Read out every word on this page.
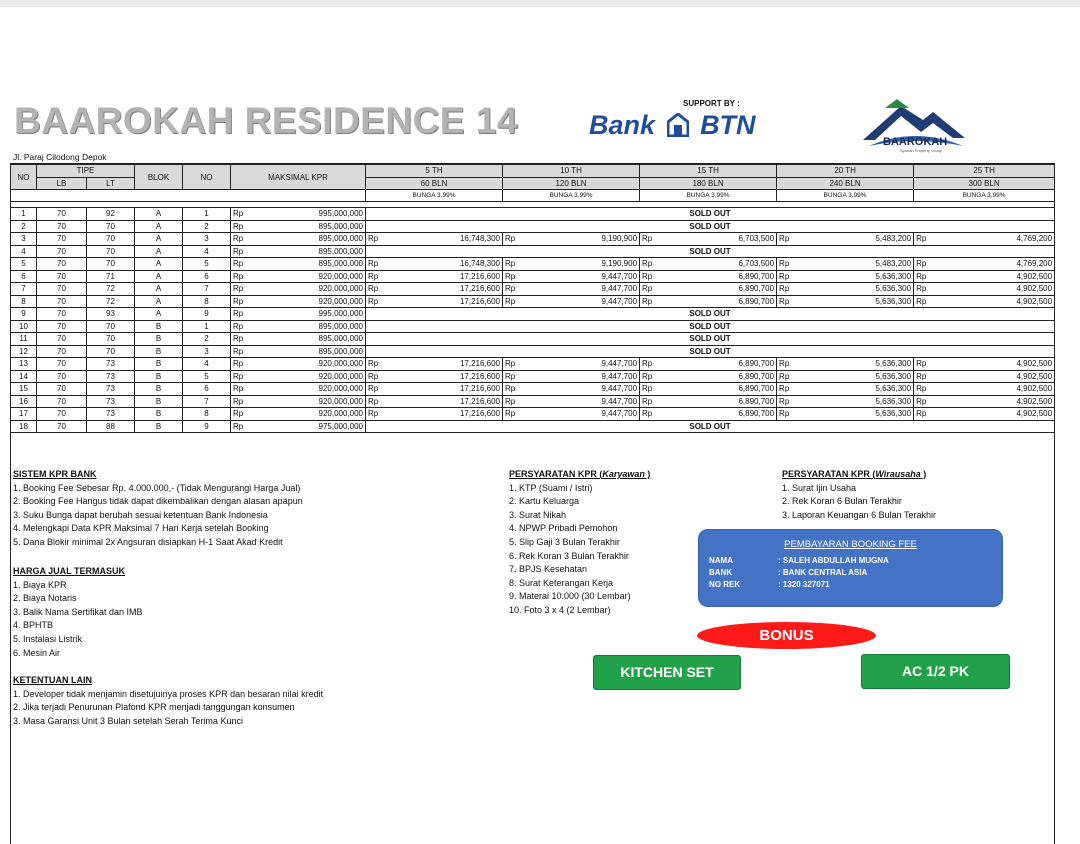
BAAROKAH RESIDENCE 14
Jl. Paraj Cilodong Depok
SUPPORT BY :
Bank BTN
BAAROKAH
Syariah Property Group
NO	TIPE		BLOK	NO	MAKSIMAL KPR		5 TH		10 TH		15 TH		20 TH		25 TH	
	LB	LT					60 BLN		120 BLN		180 BLN		240 BLN		300 BLN	
							BUNGA 3,99%		BUNGA 3,99%		BUNGA 3,99%		BUNGA 3,99%		BUNGA 3,99%	

1	70	92	A	1	Rp	995,000,000	SOLD OUT									
2	70	70	A	2	Rp	895,000,000	SOLD OUT									
3	70	70	A	3	Rp	895,000,000	Rp	16,748,300	Rp	9,190,900	Rp	6,703,500	Rp	5,483,200	Rp	4,769,200
4	70	70	A	4	Rp	895,000,000	SOLD OUT									
5	70	70	A	5	Rp	895,000,000	Rp	16,748,300	Rp	9,190,900	Rp	6,703,500	Rp	5,483,200	Rp	4,769,200
6	70	71	A	6	Rp	920,000,000	Rp	17,216,600	Rp	9,447,700	Rp	6,890,700	Rp	5,636,300	Rp	4,902,500
7	70	72	A	7	Rp	920,000,000	Rp	17,216,600	Rp	9,447,700	Rp	6,890,700	Rp	5,636,300	Rp	4,902,500
8	70	72	A	8	Rp	920,000,000	Rp	17,216,600	Rp	9,447,700	Rp	6,890,700	Rp	5,636,300	Rp	4,902,500
9	70	93	A	9	Rp	995,000,000	SOLD OUT									
10	70	70	B	1	Rp	895,000,000	SOLD OUT									
11	70	70	B	2	Rp	895,000,000	SOLD OUT									
12	70	70	B	3	Rp	895,000,000	SOLD OUT									
13	70	73	B	4	Rp	920,000,000	Rp	17,216,600	Rp	9,447,700	Rp	6,890,700	Rp	5,636,300	Rp	4,902,500
14	70	73	B	5	Rp	920,000,000	Rp	17,216,600	Rp	9,447,700	Rp	6,890,700	Rp	5,636,300	Rp	4,902,500
15	70	73	B	6	Rp	920,000,000	Rp	17,216,600	Rp	9,447,700	Rp	6,890,700	Rp	5,636,300	Rp	4,902,500
16	70	73	B	7	Rp	920,000,000	Rp	17,216,600	Rp	9,447,700	Rp	6,890,700	Rp	5,636,300	Rp	4,902,500
17	70	73	B	8	Rp	920,000,000	Rp	17,216,600	Rp	9,447,700	Rp	6,890,700	Rp	5,636,300	Rp	4,902,500
18	70	88	B	9	Rp	975,000,000	SOLD OUT									
SISTEM KPR BANK
1. Booking Fee Sebesar Rp. 4.000.000,- (Tidak Mengurangi Harga Jual)
2. Booking Fee Hangus tidak dapat dikembalikan dengan alasan apapun
3. Suku Bunga dapat berubah sesuai ketentuan Bank Indonesia
4. Melengkapi Data KPR Maksimal 7 Hari Kerja setelah Booking
5. Dana Blokir minimal 2x Angsuran disiapkan H-1 Saat Akad Kredit
HARGA JUAL TERMASUK
1. Biaya KPR
2. Biaya Notaris
3. Balik Nama Sertifikat dan IMB
4. BPHTB
5. Instalasi Listrik
6. Mesin Air
KETENTUAN LAIN
1. Developer tidak menjamin disetujuinya proses KPR dan besaran nilai kredit
2. Jika terjadi Penurunan Plafond KPR menjadi tanggungan konsumen
3. Masa Garansi Unit 3 Bulan setelah Serah Terima Kunci
PERSYARATAN KPR (Karyawan )
1. KTP (Suami / Istri)
2. Kartu Keluarga
3. Surat Nikah
4. NPWP Pribadi Pemohon
5. Slip Gaji 3 Bulan Terakhir
6. Rek Koran 3 Bulan Terakhir
7. BPJS Kesehatan
8. Surat Keterangan Kerja
9. Materai 10.000 (30 Lembar)
10. Foto 3 x 4 (2 Lembar)
PERSYARATAN KPR (Wirausaha )
1. Surat Ijin Usaha
2. Rek Koran 6 Bulan Terakhir
3. Laporan Keuangan 6 Bulan Terakhir
PEMBAYARAN BOOKING FEE
NAMA	: SALEH ABDULLAH MUGNA
BANK	: BANK CENTRAL ASIA
NO REK	: 1320 327071
BONUS
KITCHEN SET	AC 1/2 PK
